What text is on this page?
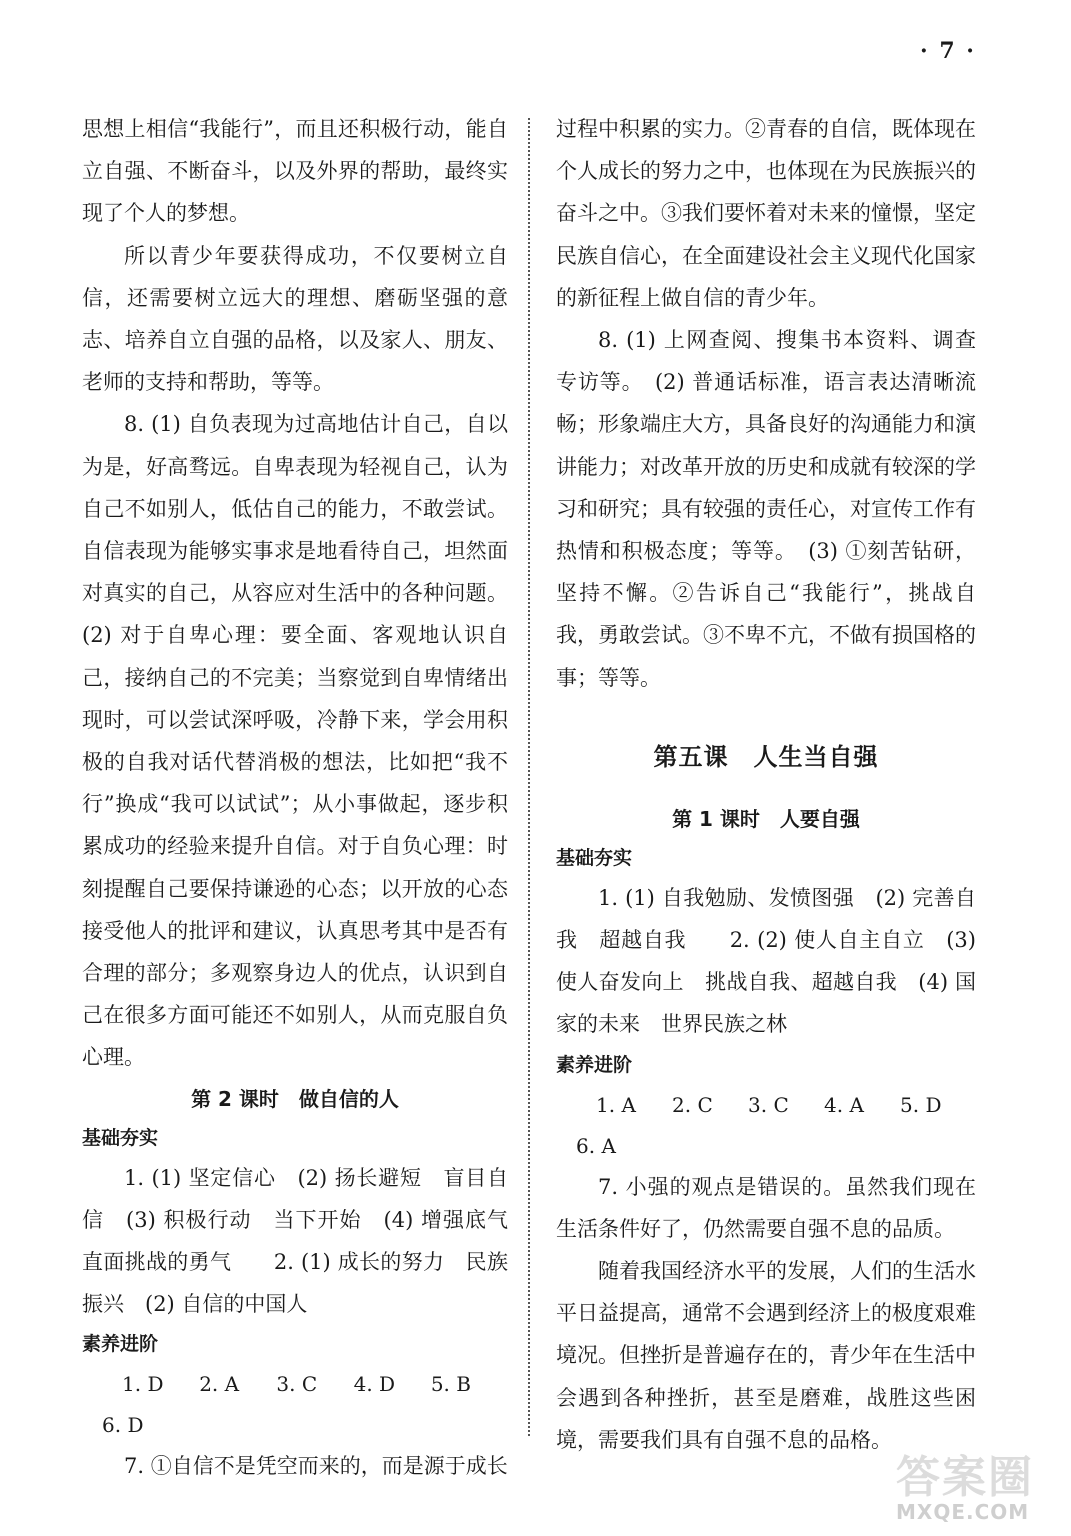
· 7 ·

思想上相信“我能行”，而且还积极行动，能自立自强、不断奋斗，以及外界的帮助，最终实现了个人的梦想。

所以青少年要获得成功，不仅要树立自信，还需要树立远大的理想、磨砺坚强的意志、培养自立自强的品格，以及家人、朋友、老师的支持和帮助，等等。

8. (1) 自负表现为过高地估计自己，自以为是，好高骛远。自卑表现为轻视自己，认为自己不如别人，低估自己的能力，不敢尝试。自信表现为能够实事求是地看待自己，坦然面对真实的自己，从容应对生活中的各种问题。 (2) 对于自卑心理：要全面、客观地认识自己，接纳自己的不完美；当察觉到自卑情绪出现时，可以尝试深呼吸，冷静下来，学会用积极的自我对话代替消极的想法，比如把“我不行”换成“我可以试试”；从小事做起，逐步积累成功的经验来提升自信。对于自负心理：时刻提醒自己要保持谦逊的心态；以开放的心态接受他人的批评和建议，认真思考其中是否有合理的部分；多观察身边人的优点，认识到自己在很多方面可能还不如别人，从而克服自负心理。

第 2 课时　做自信的人
基础夯实

1. (1) 坚定信心　(2) 扬长避短　盲目自信　(3) 积极行动　当下开始　(4) 增强底气　直面挑战的勇气　　2. (1) 成长的努力　民族振兴　(2) 自信的中国人

素养进阶
1. D	2. A	3. C	4. D	5. B
6. D

7. ①自信不是凭空而来的，而是源于成长

过程中积累的实力。②青春的自信，既体现在个人成长的努力之中，也体现在为民族振兴的奋斗之中。③我们要怀着对未来的憧憬，坚定民族自信心，在全面建设社会主义现代化国家的新征程上做自信的青少年。

8. (1) 上网查阅、搜集书本资料、调查专访等。　(2) 普通话标准，语言表达清晰流畅；形象端庄大方，具备良好的沟通能力和演讲能力；对改革开放的历史和成就有较深的学习和研究；具有较强的责任心，对宣传工作有热情和积极态度；等等。　(3) ①刻苦钻研，坚持不懈。②告诉自己“我能行”，挑战自我，勇敢尝试。③不卑不亢，不做有损国格的事；等等。

第五课　人生当自强
第 1 课时　人要自强
基础夯实

1. (1) 自我勉励、发愤图强　(2) 完善自我　超越自我　　2. (2) 使人自主自立　(3) 使人奋发向上　挑战自我、超越自我　(4) 国家的未来　世界民族之林

素养进阶
1. A	2. C	3. C	4. A	5. D
6. A

7. 小强的观点是错误的。虽然我们现在生活条件好了，仍然需要自强不息的品质。

随着我国经济水平的发展，人们的生活水平日益提高，通常不会遇到经济上的极度艰难境况。但挫折是普遍存在的，青少年在生活中会遇到各种挫折，甚至是磨难，战胜这些困境，需要我们具有自强不息的品格。

答案圈
MXQE.COM
